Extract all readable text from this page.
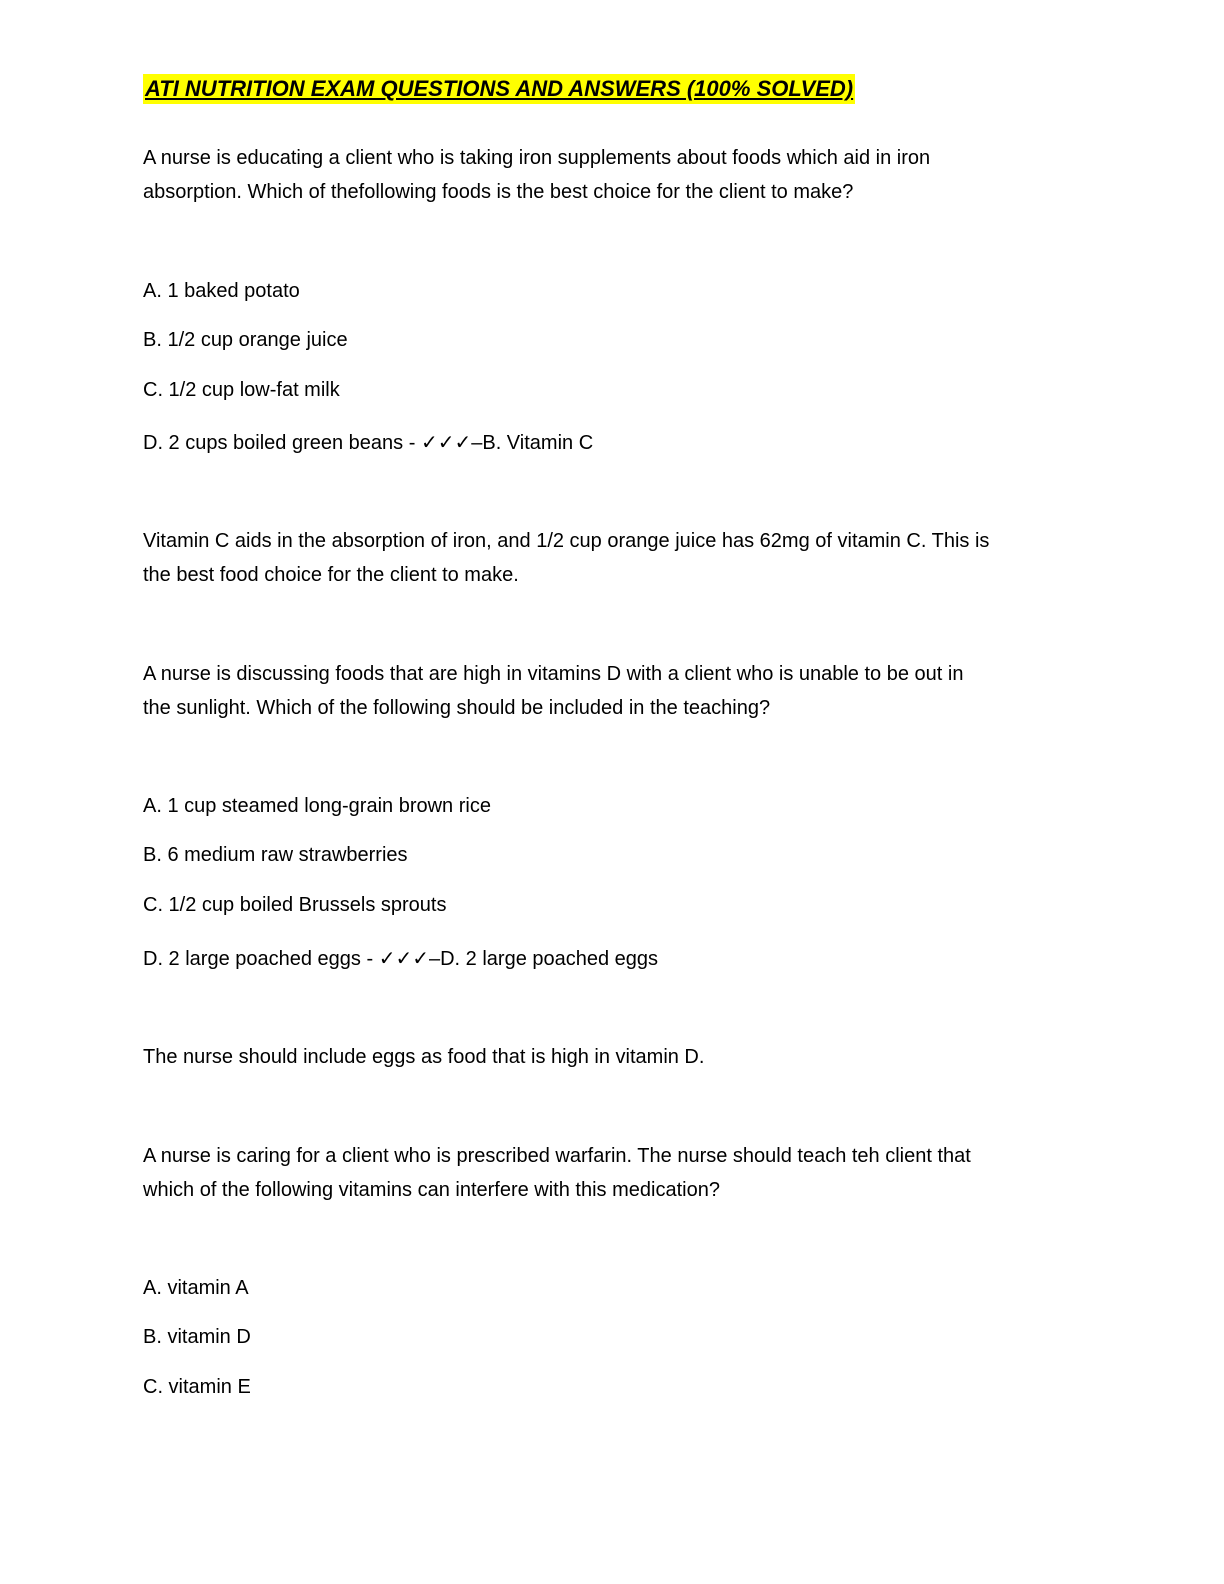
ATI NUTRITION EXAM QUESTIONS AND ANSWERS (100% SOLVED)
A nurse is educating a client who is taking iron supplements about foods which aid in iron
absorption. Which of thefollowing foods is the best choice for the client to make?
A. 1 baked potato
B. 1/2 cup orange juice
C. 1/2 cup low-fat milk
D. 2 cups boiled green beans - ✓✓✓–B. Vitamin C
Vitamin C aids in the absorption of iron, and 1/2 cup orange juice has 62mg of vitamin C. This is
the best food choice for the client to make.
A nurse is discussing foods that are high in vitamins D with a client who is unable to be out in
the sunlight. Which of the following should be included in the teaching?
A. 1 cup steamed long-grain brown rice
B. 6 medium raw strawberries
C. 1/2 cup boiled Brussels sprouts
D. 2 large poached eggs - ✓✓✓–D. 2 large poached eggs
The nurse should include eggs as food that is high in vitamin D.
A nurse is caring for a client who is prescribed warfarin. The nurse should teach teh client that
which of the following vitamins can interfere with this medication?
A. vitamin A
B. vitamin D
C. vitamin E
